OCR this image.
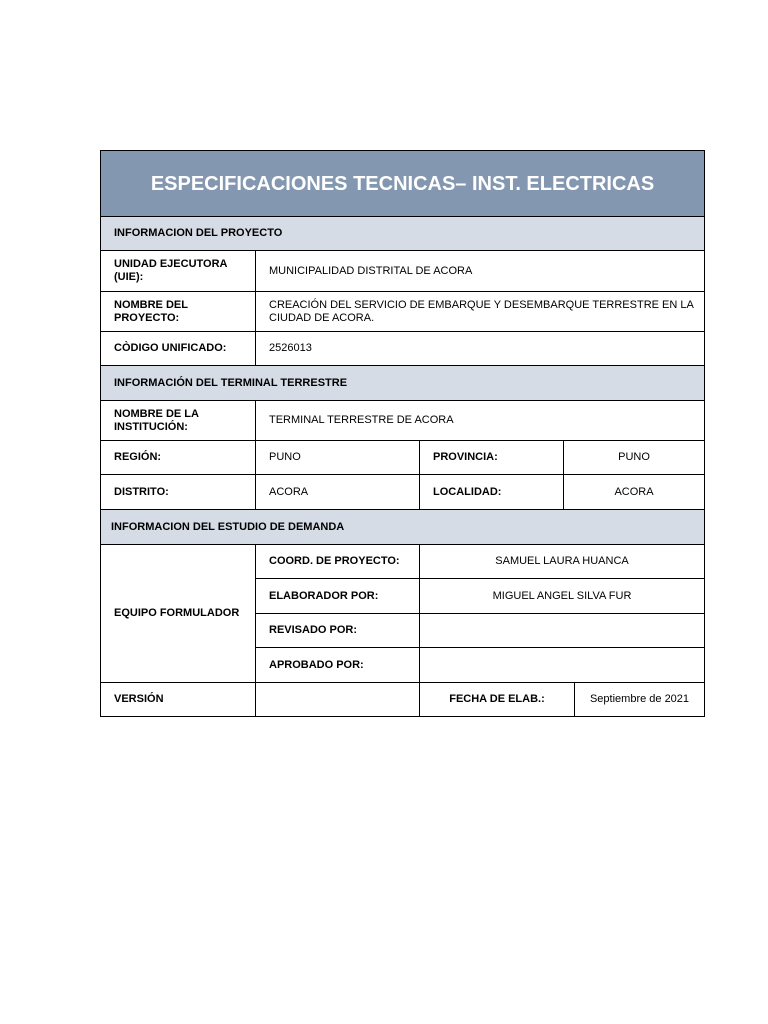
ESPECIFICACIONES TECNICAS– INST. ELECTRICAS				
INFORMACION DEL PROYECTO				
UNIDAD EJECUTORA (UIE):	MUNICIPALIDAD DISTRITAL DE ACORA			
NOMBRE DEL PROYECTO:	CREACIÓN DEL SERVICIO DE EMBARQUE Y DESEMBARQUE TERRESTRE EN LA CIUDAD DE ACORA.			
CÒDIGO UNIFICADO:	2526013			
INFORMACIÓN DEL TERMINAL TERRESTRE				
NOMBRE DE LA INSTITUCIÓN:	TERMINAL TERRESTRE DE ACORA			
REGIÓN:	PUNO	PROVINCIA:	PUNO	
DISTRITO:	ACORA	LOCALIDAD:	ACORA	
INFORMACION DEL ESTUDIO DE DEMANDA				
EQUIPO FORMULADOR	COORD. DE PROYECTO:	SAMUEL LAURA HUANCA		
	ELABORADOR POR:	MIGUEL ANGEL SILVA FUR		
	REVISADO POR:			
	APROBADO POR:			
VERSIÓN		FECHA DE ELAB.:		Septiembre de 2021
